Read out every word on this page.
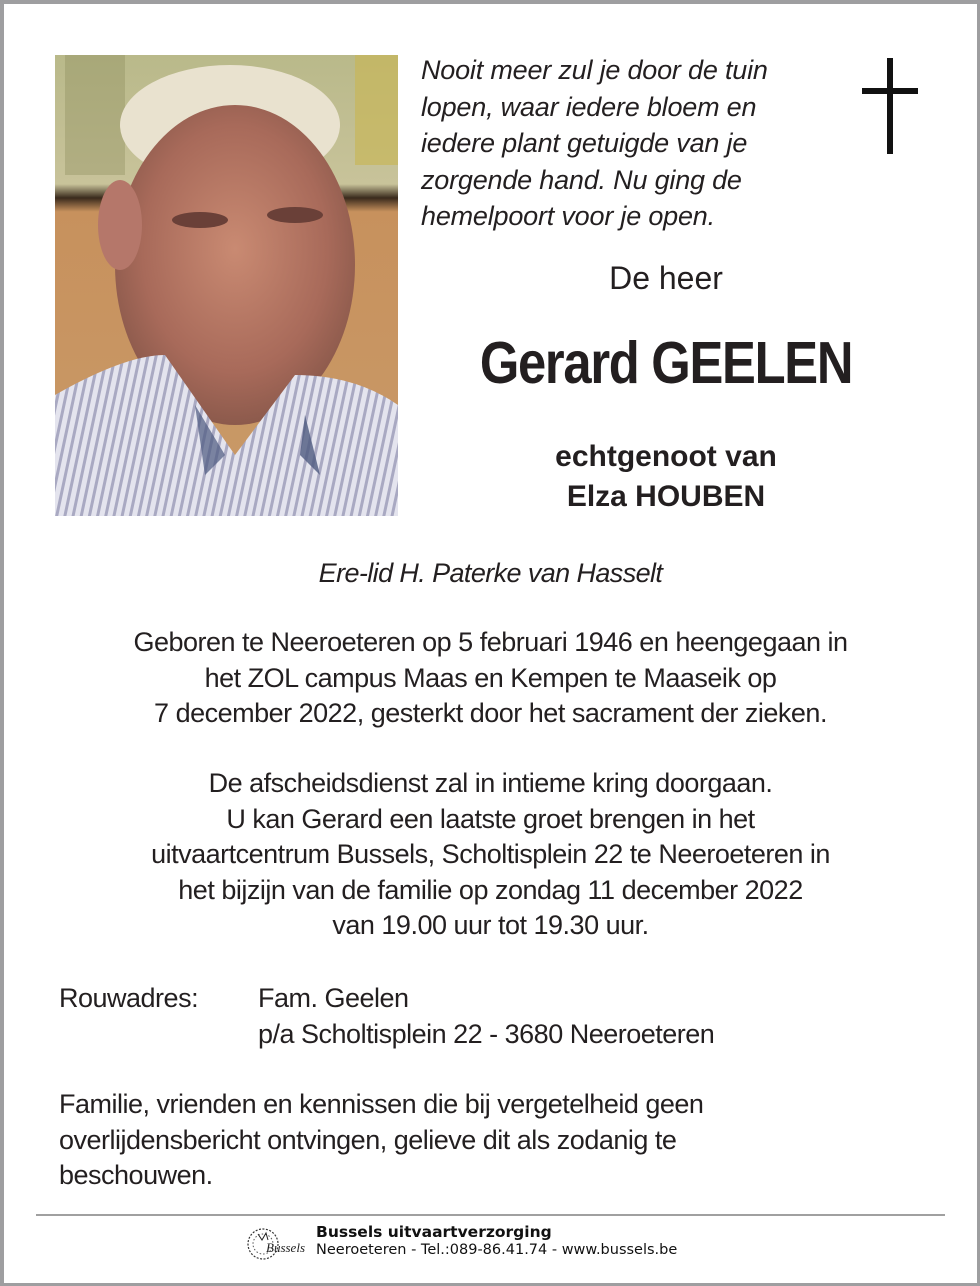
Nooit meer zul je door de tuin
lopen, waar iedere bloem en
iedere plant getuigde van je
zorgende hand. Nu ging de
hemelpoort voor je open.
De heer
Gerard GEELEN
echtgenoot van
Elza HOUBEN
Ere-lid H. Paterke van Hasselt
Geboren te Neeroeteren op 5 februari 1946 en heengegaan in
het ZOL campus Maas en Kempen te Maaseik op
7 december 2022, gesterkt door het sacrament der zieken.
De afscheidsdienst zal in intieme kring doorgaan.
U kan Gerard een laatste groet brengen in het
uitvaartcentrum Bussels, Scholtisplein 22 te Neeroeteren in
het bijzijn van de familie op zondag 11 december 2022
van 19.00 uur tot 19.30 uur.
Rouwadres: Fam. Geelen
p/a Scholtisplein 22 - 3680 Neeroeteren
Familie, vrienden en kennissen die bij vergetelheid geen
overlijdensbericht ontvingen, gelieve dit als zodanig te
beschouwen.
Bussels
Bussels uitvaartverzorging
Neeroeteren - Tel.:089-86.41.74 - www.bussels.be
